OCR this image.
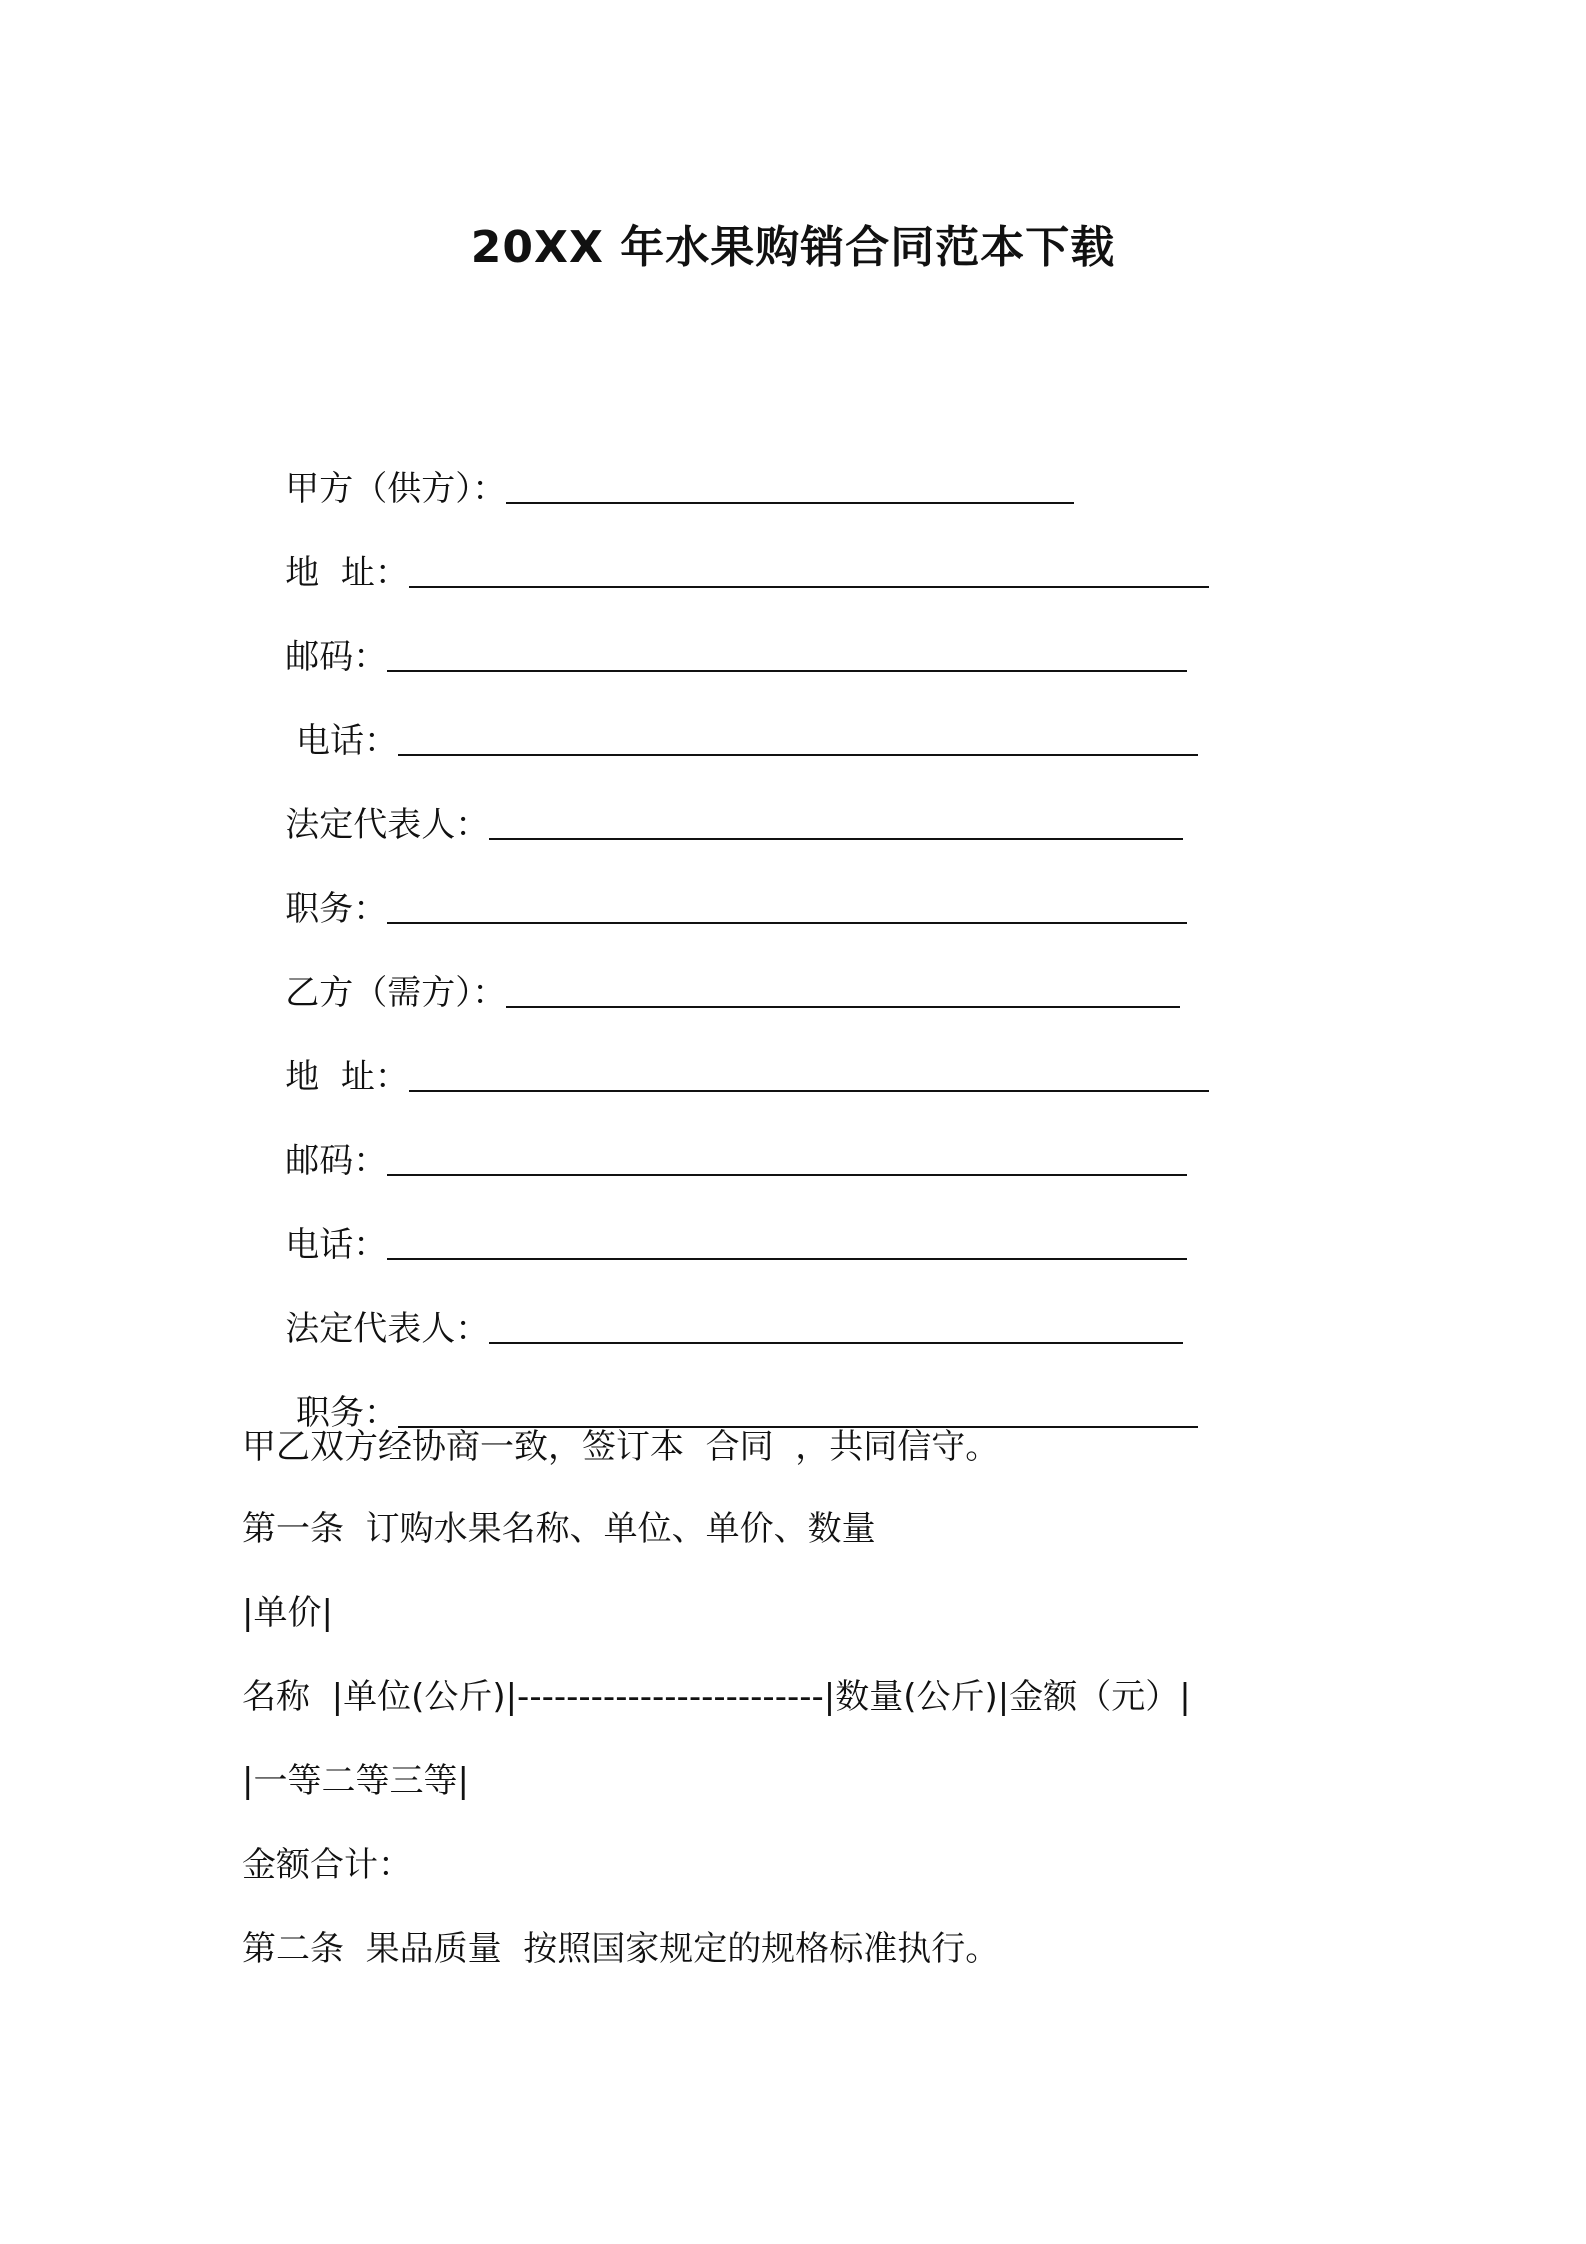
20XX 年水果购销合同范本下载

甲方（供方）：

地  址：

邮码：

电话：

法定代表人：

职务：

乙方（需方）：

地  址：

邮码：

电话：

法定代表人：

职务：

甲乙双方经协商一致，签订本  合同  ，共同信守。
第一条  订购水果名称、单位、单价、数量
|单价|
名称  |单位(公斤)|-------------------------|数量(公斤)|金额（元）|
|一等二等三等|
金额合计：
第二条  果品质量  按照国家规定的规格标准执行。
